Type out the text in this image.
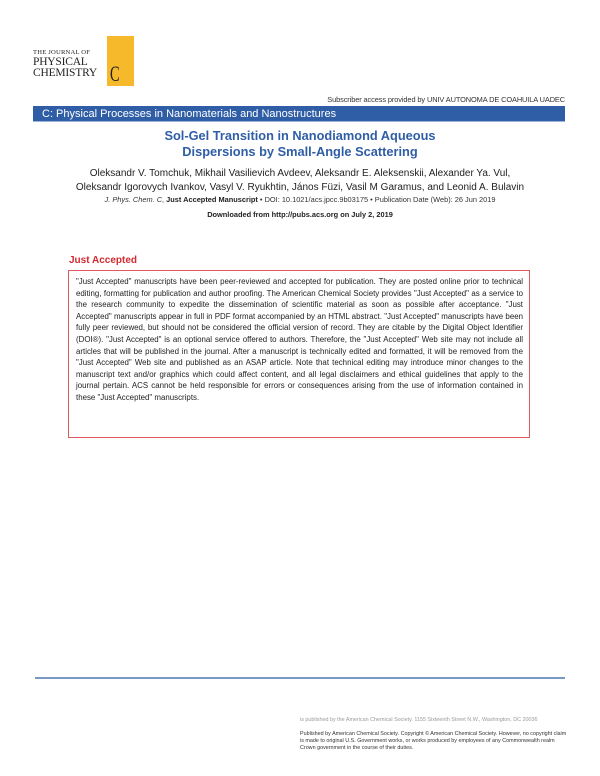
THE JOURNAL OF
PHYSICAL
CHEMISTRY C
Subscriber access provided by UNIV AUTONOMA DE COAHUILA UADEC
C: Physical Processes in Nanomaterials and Nanostructures
Sol-Gel Transition in Nanodiamond Aqueous
Dispersions by Small-Angle Scattering
Oleksandr V. Tomchuk, Mikhail Vasilievich Avdeev, Aleksandr E. Aleksenskii, Alexander Ya. Vul,
Oleksandr Igorovych Ivankov, Vasyl V. Ryukhtin, János Füzi, Vasil M Garamus, and Leonid A. Bulavin
J. Phys. Chem. C, Just Accepted Manuscript • DOI: 10.1021/acs.jpcc.9b03175 • Publication Date (Web): 26 Jun 2019
Downloaded from http://pubs.acs.org on July 2, 2019
Just Accepted

"Just Accepted" manuscripts have been peer-reviewed and accepted for publication. They are posted online prior to technical editing, formatting for publication and author proofing. The American Chemical Society provides "Just Accepted" as a service to the research community to expedite the dissemination of scientific material as soon as possible after acceptance. "Just Accepted" manuscripts appear in full in PDF format accompanied by an HTML abstract. "Just Accepted" manuscripts have been fully peer reviewed, but should not be considered the official version of record. They are citable by the Digital Object Identifier (DOI®). "Just Accepted" is an optional service offered to authors. Therefore, the "Just Accepted" Web site may not include all articles that will be published in the journal. After a manuscript is technically edited and formatted, it will be removed from the "Just Accepted" Web site and published as an ASAP article. Note that technical editing may introduce minor changes to the manuscript text and/or graphics which could affect content, and all legal disclaimers and ethical guidelines that apply to the journal pertain. ACS cannot be held responsible for errors or consequences arising from the use of information contained in these "Just Accepted" manuscripts.

is published by the American Chemical Society. 1155 Sixteenth Street N.W., Washington, DC 20036
Published by American Chemical Society. Copyright © American Chemical Society. However, no copyright claim is made to original U.S. Government works, or works produced by employees of any Commonwealth realm Crown government in the course of their duties.
